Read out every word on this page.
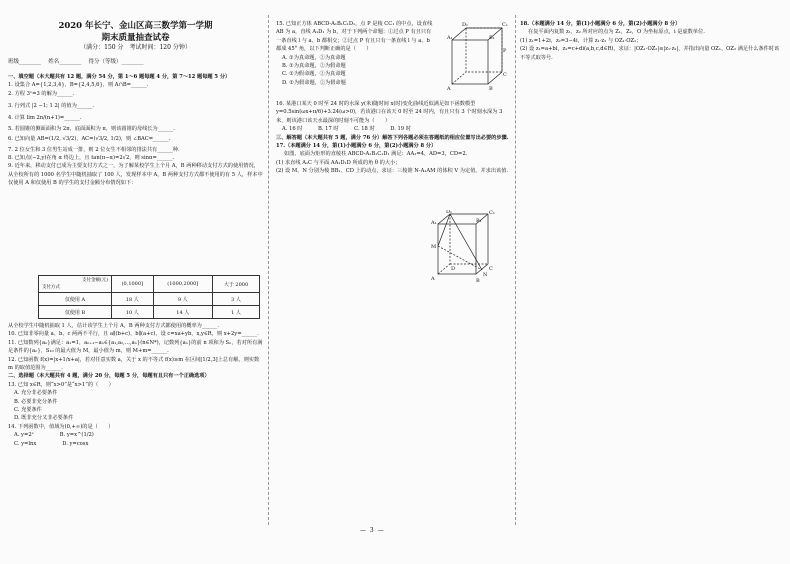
2020 年长宁、金山区高三数学第一学期

期末质量抽查试卷

（满分：150 分　考试时间：120 分钟）

班级________　 姓名________　 得分（等级）________

一、填空题（本大题共有 12 题，满分 54 分，第 1～6 题每题 4 分，第 7～12 题每题 5 分）

1. 设集合 A={1,2,3,4}，B={2,4,5,6}，则 A∩B=______.

2. 方程 3ˣ=3 的解为______.

3. 行列式 |2 −1; 1 2| 的值为______.

4. 计算 lim 2n/(n+1)=______.

5. 若圆锥的侧面面积为 2π，底面面积为 π，则该圆锥的母线长为______.

6. 已知向量 AB=(1/2, √3/2)，AC=(√3/2, 1/2)，则 ∠BAC=______.

7. 2 位女生和 3 位男生站成一排，则 2 位女生不相邻的排法共有______种.

8. 已知点(−2,y)在角 α 终边上，且 tan(π−α)=2√2，则 sinα=______.

9. 近年来，移动支付已成为主要支付方式之一，为了解某校学生上个月 A，B 两种移动支付方式的使用情况，从全校所有的 1000 名学生中随机抽取了 100 人，发现样本中 A，B 两种支付方式都不使用的有 5 人，样本中仅使用 A 和仅使用 B 的学生的支付金额分布情况如下：

支付金额(元)
支付方式	(0,1000]	(1000,2000]	大于 2000
仅使用 A	18 人	9 人	3 人
仅使用 B	10 人	14 人	1 人

从全校学生中随机抽取 1 人，估计该学生上个月 A，B 两种支付方式都使用的概率为______.

10. 已知非零向量 a、b、c 两两不平行，且 a∥(b+c)，b∥(a+c)，设 c=xa+yb，x,y∈R，则 x+2y=______.

11. 已知数列{aₙ}满足：a₁=1，aₙ₊₁−aₙ∈{a₁,a₂,…,aₙ}(n∈N*)，记数列{aₙ}的前 n 项和为 Sₙ，若对所有满足条件的{aₙ}，S₁₀ 的最大值为 M，最小值为 m，则 M+m=______.

12. 已知函数 f(x)=|x+1/x+a|，若对任意实数 a，关于 x 的不等式 f(x)≥m 在区间[1/2,3]上总有解，则实数 m 的取值范围为______.

二、选择题（本大题共有 4 题，满分 20 分，每题 5 分，每题有且只有一个正确选项）

13. 已知 x∈R，则“x>0”是“x>1”的（　　）

A. 充分非必要条件

B. 必要非充分条件

C. 充要条件

D. 既非充分又非必要条件

14. 下列函数中，值域为(0,+∞)的是（　　）

A. y=2ˣ　　　　　B. y=x^(1/2)

C. y=lnx　　　　　D. y=cosx

15. 已知正方体 ABCD-A₁B₁C₁D₁，点 P 是棱 CC₁ 的中点，设直线 AB 为 a，直线 A₁D₁ 为 b，对于下列两个命题：①过点 P 有且只有一条直线 l 与 a、b 都相交；②过点 P 有且只有一条直线 l 与 a、b 都成 45° 角，以下判断正确的是（　　）

A. ①为真命题，②为真命题

B. ①为真命题，②为假命题

C. ①为假命题，②为真命题

D. ①为假命题，②为假命题

16. 某港口某天 0 时至 24 时的水深 y(米)随时间 x(时)变化曲线近似满足如下函数模型 y=0.5sin(ωx+π/6)+3.24(ω>0)，若该港口在该天 0 时至 24 时内，有且只有 3 个时刻水深为 3 米，则该港口该天水最深的时刻不可能为（　　）

A. 16 时　　　B. 17 时　　　C. 18 时　　　D. 19 时

三、解答题（本大题共有 5 题，满分 76 分）解答下列各题必须在答题纸的相应位置写出必要的步骤.

17.（本题满分 14 分，第(1)小题满分 6 分，第(2)小题满分 8 分）

如图，底面为矩形的直棱柱 ABCD-A₁B₁C₁D₁ 满足：AA₁=4，AD=3，CD=2.

(1) 求直线 A₁C 与平面 AA₁D₁D 所成的角 θ 的大小；

(2) 设 M、N 分别为棱 BB₁、CD 上的动点，求证：三棱锥 N-A₁AM 的体积 V 为定值，并求出该值.

A₁	B₁
D₁	C₁
A	B
P
C
A₁	B₁
D₁	C₁
M
A	B
C
N
D

18.（本题满分 14 分，第(1)小题满分 6 分，第(2)小题满分 8 分）

在复平面内复数 z₁，z₂ 所对应的点为 Z₁，Z₂，O 为坐标原点，i 是虚数单位.

(1) z₁=1+2i，z₂=3−4i，计算 z₁·z₂ 与 OZ₁·OZ₂；

(2) 设 z₁=a+bi，z₂=c+di(a,b,c,d∈R)，求证：|OZ₁·OZ₂|≤|z₁·z₂|，并指出向量 OZ₁、OZ₂ 满足什么条件时该不等式取等号.

— 3 —
